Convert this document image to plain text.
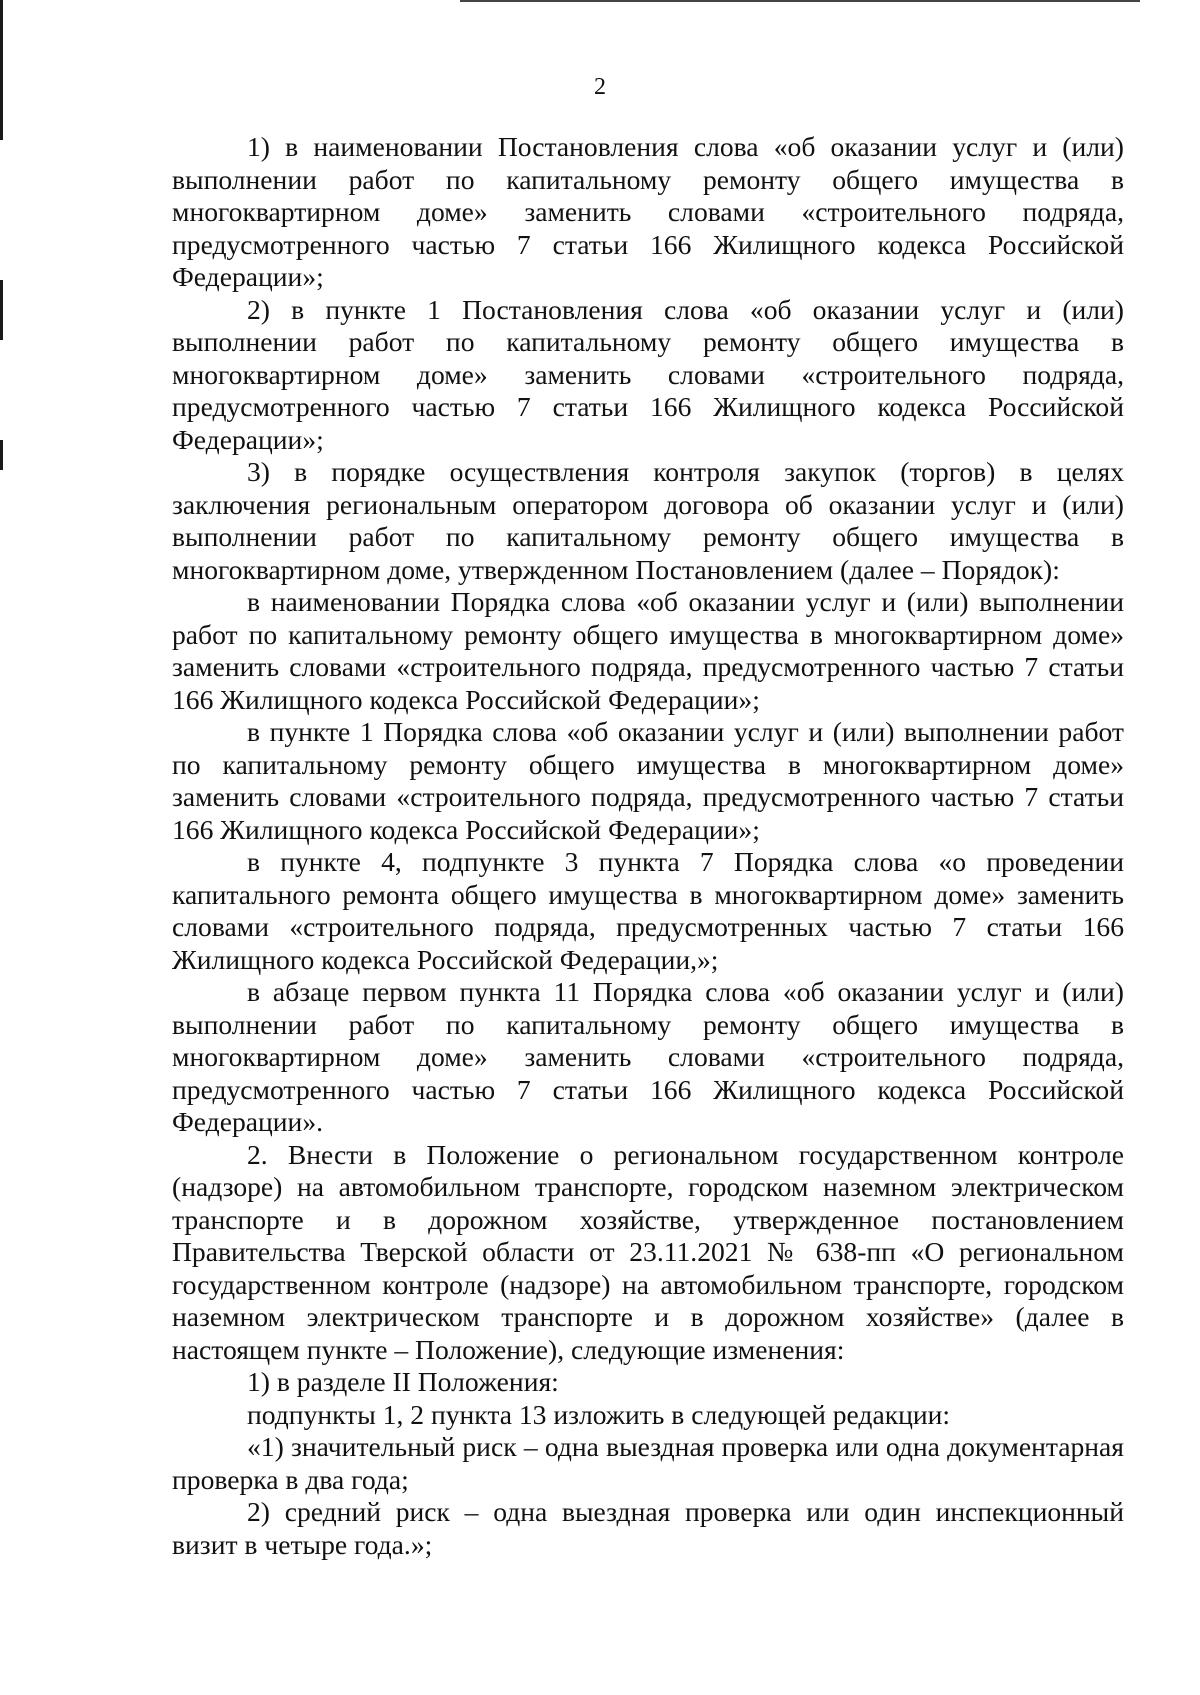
2

1) в наименовании Постановления слова «об оказании услуг и (или) выполнении работ по капитальному ремонту общего имущества в многоквартирном доме» заменить словами «строительного подряда, предусмотренного частью 7 статьи 166 Жилищного кодекса Российской Федерации»;

2) в пункте 1 Постановления слова «об оказании услуг и (или) выполнении работ по капитальному ремонту общего имущества в многоквартирном доме» заменить словами «строительного подряда, предусмотренного частью 7 статьи 166 Жилищного кодекса Российской Федерации»;

3) в порядке осуществления контроля закупок (торгов) в целях заключения региональным оператором договора об оказании услуг и (или) выполнении работ по капитальному ремонту общего имущества в многоквартирном доме, утвержденном Постановлением (далее – Порядок):

в наименовании Порядка слова «об оказании услуг и (или) выполнении работ по капитальному ремонту общего имущества в многоквартирном доме» заменить словами «строительного подряда, предусмотренного частью 7 статьи 166 Жилищного кодекса Российской Федерации»;

в пункте 1 Порядка слова «об оказании услуг и (или) выполнении работ по капитальному ремонту общего имущества в многоквартирном доме» заменить словами «строительного подряда, предусмотренного частью 7 статьи 166 Жилищного кодекса Российской Федерации»;

в пункте 4, подпункте 3 пункта 7 Порядка слова «о проведении капитального ремонта общего имущества в многоквартирном доме» заменить словами «строительного подряда, предусмотренных частью 7 статьи 166 Жилищного кодекса Российской Федерации,»;

в абзаце первом пункта 11 Порядка слова «об оказании услуг и (или) выполнении работ по капитальному ремонту общего имущества в многоквартирном доме» заменить словами «строительного подряда, предусмотренного частью 7 статьи 166 Жилищного кодекса Российской Федерации».

2. Внести в Положение о региональном государственном контроле (надзоре) на автомобильном транспорте, городском наземном электрическом транспорте и в дорожном хозяйстве, утвержденное постановлением Правительства Тверской области от 23.11.2021 № 638-пп «О региональном государственном контроле (надзоре) на автомобильном транспорте, городском наземном электрическом транспорте и в дорожном хозяйстве» (далее в настоящем пункте – Положение), следующие изменения:

1) в разделе II Положения:

подпункты 1, 2 пункта 13 изложить в следующей редакции:

«1) значительный риск – одна выездная проверка или одна документарная проверка в два года;

2) средний риск – одна выездная проверка или один инспекционный визит в четыре года.»;
